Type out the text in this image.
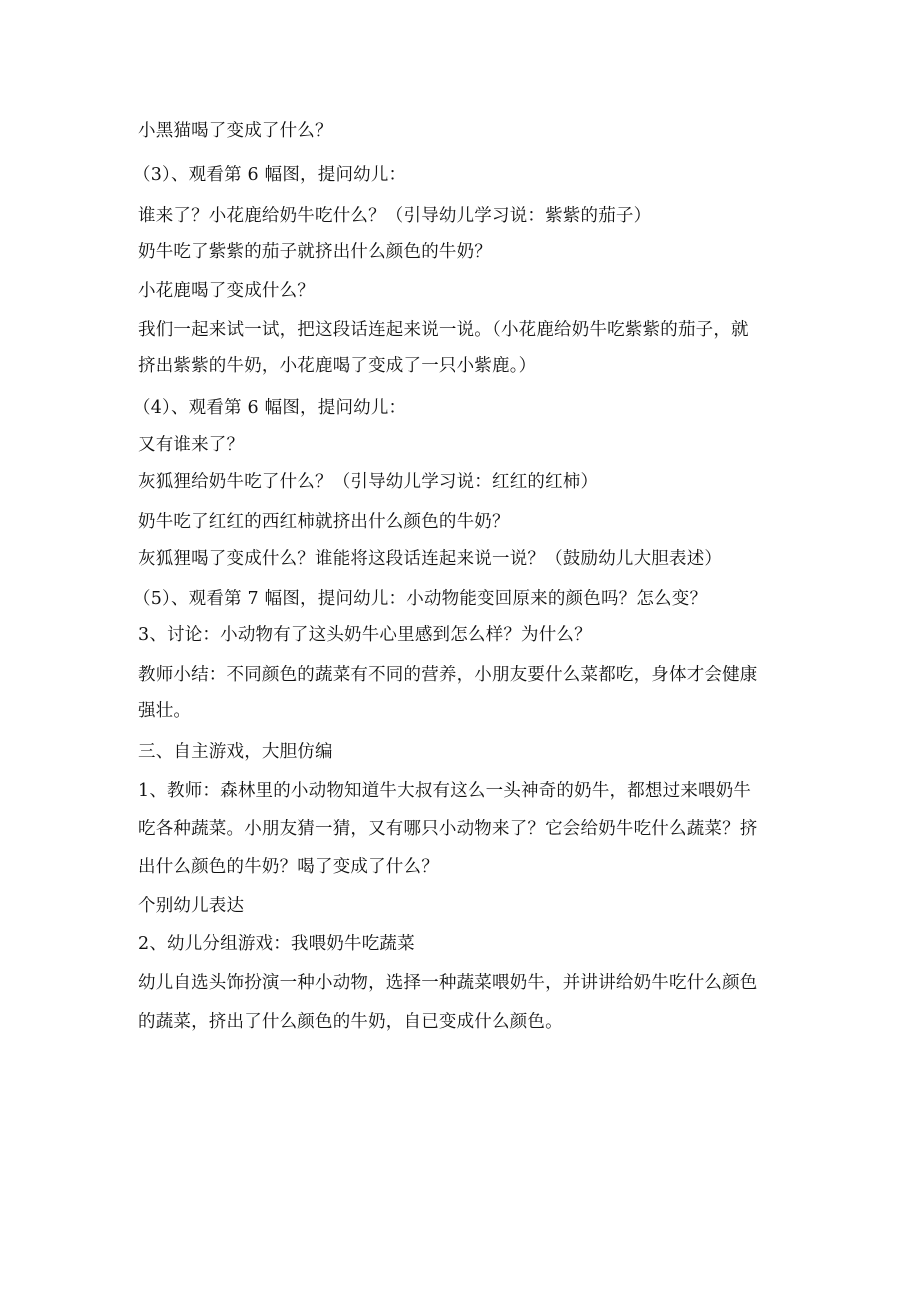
小黑猫喝了变成了什么？
（3）、观看第 6 幅图，提问幼儿：
谁来了？小花鹿给奶牛吃什么？（引导幼儿学习说：紫紫的茄子）
奶牛吃了紫紫的茄子就挤出什么颜色的牛奶？
小花鹿喝了变成什么？
我们一起来试一试，把这段话连起来说一说。（小花鹿给奶牛吃紫紫的茄子，就
挤出紫紫的牛奶，小花鹿喝了变成了一只小紫鹿。）
（4）、观看第 6 幅图，提问幼儿：
又有谁来了？
灰狐狸给奶牛吃了什么？（引导幼儿学习说：红红的红柿）
奶牛吃了红红的西红柿就挤出什么颜色的牛奶？
灰狐狸喝了变成什么？谁能将这段话连起来说一说？（鼓励幼儿大胆表述）
（5）、观看第 7 幅图，提问幼儿：小动物能变回原来的颜色吗？怎么变？
3、讨论：小动物有了这头奶牛心里感到怎么样？为什么？
教师小结：不同颜色的蔬菜有不同的营养，小朋友要什么菜都吃，身体才会健康
强壮。
三、自主游戏，大胆仿编
1、教师：森林里的小动物知道牛大叔有这么一头神奇的奶牛，都想过来喂奶牛
吃各种蔬菜。小朋友猜一猜，又有哪只小动物来了？它会给奶牛吃什么蔬菜？挤
出什么颜色的牛奶？喝了变成了什么？
个别幼儿表达
2、幼儿分组游戏：我喂奶牛吃蔬菜
幼儿自选头饰扮演一种小动物，选择一种蔬菜喂奶牛，并讲讲给奶牛吃什么颜色
的蔬菜，挤出了什么颜色的牛奶，自已变成什么颜色。
